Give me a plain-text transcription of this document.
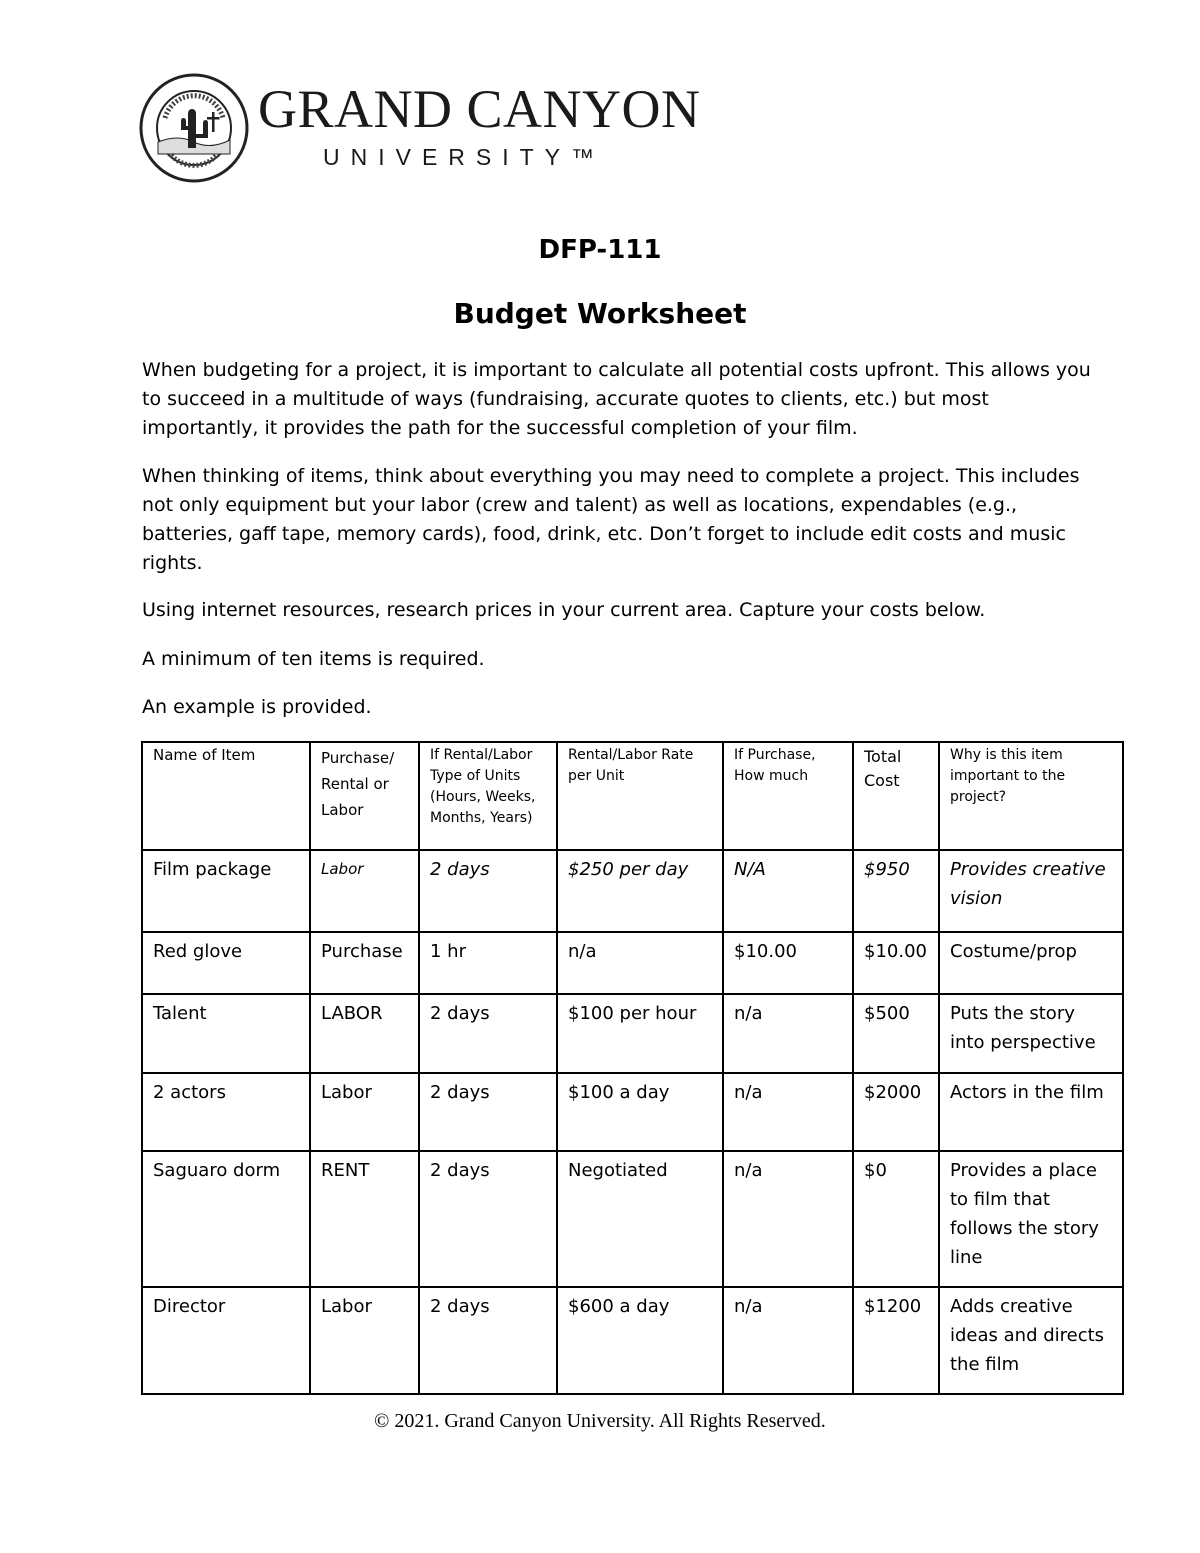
GRAND CANYON
UNIVERSITY™
DFP-111
Budget Worksheet
When budgeting for a project, it is important to calculate all potential costs upfront. This allows you to succeed in a multitude of ways (fundraising, accurate quotes to clients, etc.) but most importantly, it provides the path for the successful completion of your film.
When thinking of items, think about everything you may need to complete a project. This includes not only equipment but your labor (crew and talent) as well as locations, expendables (e.g., batteries, gaff tape, memory cards), food, drink, etc. Don’t forget to include edit costs and music rights.
Using internet resources, research prices in your current area. Capture your costs below.
A minimum of ten items is required.
An example is provided.
Name of Item	Purchase/ Rental or Labor	If Rental/Labor Type of Units (Hours, Weeks, Months, Years)	Rental/Labor Rate per Unit	If Purchase, How much	Total Cost	Why is this item important to the project?
Film package	Labor	2 days	$250 per day	N/A	$950	Provides creative vision
Red glove	Purchase	1 hr	n/a	$10.00	$10.00	Costume/prop
Talent	LABOR	2 days	$100 per hour	n/a	$500	Puts the story into perspective
2 actors	Labor	2 days	$100 a day	n/a	$2000	Actors in the film
Saguaro dorm	RENT	2 days	Negotiated	n/a	$0	Provides a place to film that follows the story line
Director	Labor	2 days	$600 a day	n/a	$1200	Adds creative ideas and directs the film
© 2021. Grand Canyon University. All Rights Reserved.
